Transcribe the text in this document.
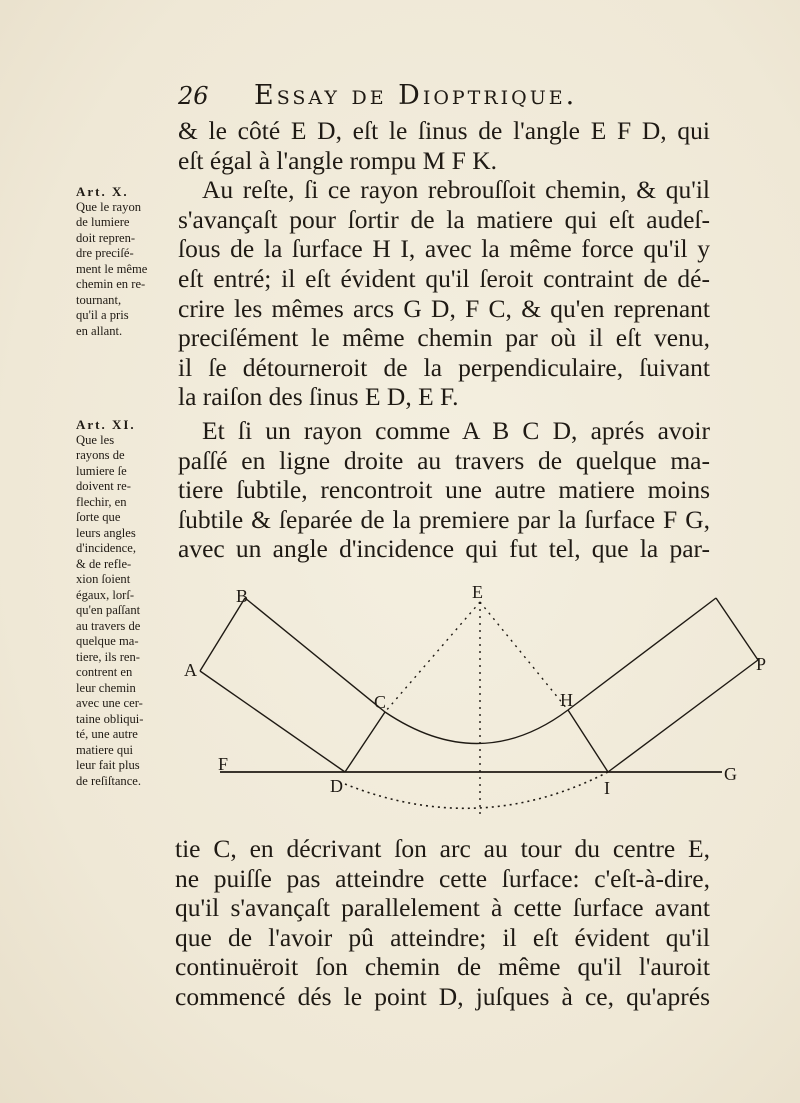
26 Essay de Dioptrique.
& le côté E D, eſt le ſinus de l'angle E F D, qui
eſt égal à l'angle rompu M F K.
Au reſte, ſi ce rayon rebrouſſoit chemin, & qu'il
s'avançaſt pour ſortir de la matiere qui eſt audeſ-
ſous de la ſurface H I, avec la même force qu'il y
eſt entré; il eſt évident qu'il ſeroit contraint de dé-
crire les mêmes arcs G D, F C, & qu'en reprenant
preciſément le même chemin par où il eſt venu,
il ſe détourneroit de la perpendiculaire, ſuivant
la raiſon des ſinus E D, E F.
Art. X.
Que le rayon
de lumiere
doit repren-
dre preciſé-
ment le même
chemin en re-
tournant,
qu'il a pris
en allant.
Et ſi un rayon comme A B C D, aprés avoir
paſſé en ligne droite au travers de quelque ma-
tiere ſubtile, rencontroit une autre matiere moins
ſubtile & ſeparée de la premiere par la ſurface F G,
avec un angle d'incidence qui fut tel, que la par-
Art. XI.
Que les
rayons de
lumiere ſe
doivent re-
flechir, en
ſorte que
leurs angles
d'incidence,
& de refle-
xion ſoient
égaux, lorſ-
qu'en paſſant
au travers de
quelque ma-
tiere, ils ren-
contrent en
leur chemin
avec une cer-
taine obliqui-
té, une autre
matiere qui
leur fait plus
de reſiſtance.
A
B
C
D
E
F	G
H
I
P
tie C, en décrivant ſon arc au tour du centre E,
ne puiſſe pas atteindre cette ſurface: c'eſt-à-dire,
qu'il s'avançaſt parallelement à cette ſurface avant
que de l'avoir pû atteindre; il eſt évident qu'il
continuëroit ſon chemin de même qu'il l'auroit
commencé dés le point D, juſques à ce, qu'aprés
